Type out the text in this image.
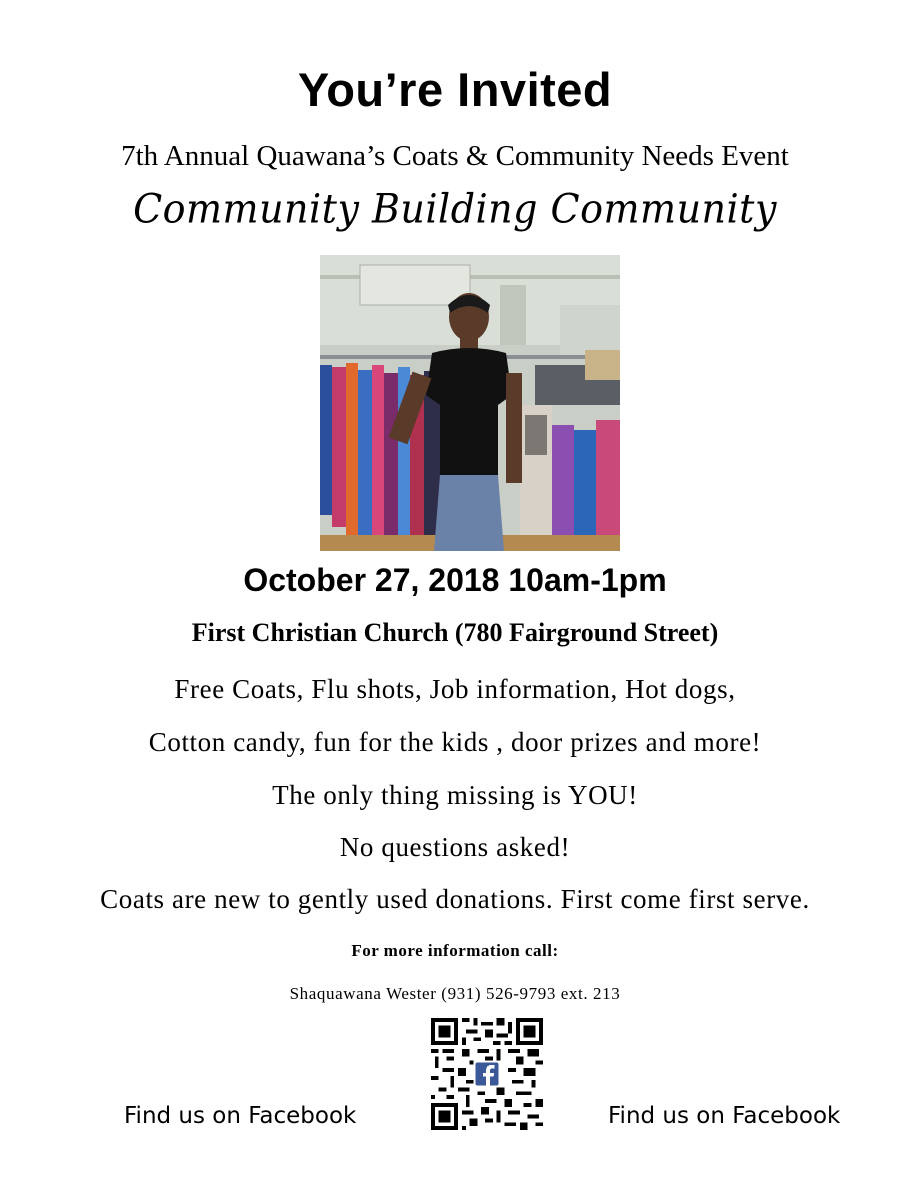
You’re Invited
7th Annual Quawana’s Coats & Community Needs Event
Community Building Community
October 27, 2018 10am-1pm
First Christian Church (780 Fairground Street)
Free Coats, Flu shots, Job information, Hot dogs,
Cotton candy, fun for the kids , door prizes and more!
The only thing missing is YOU!
No questions asked!
Coats are new to gently used donations. First come first serve.
For more information call:
Shaquawana Wester (931) 526-9793 ext. 213
Find us on Facebook	Find us on Facebook
